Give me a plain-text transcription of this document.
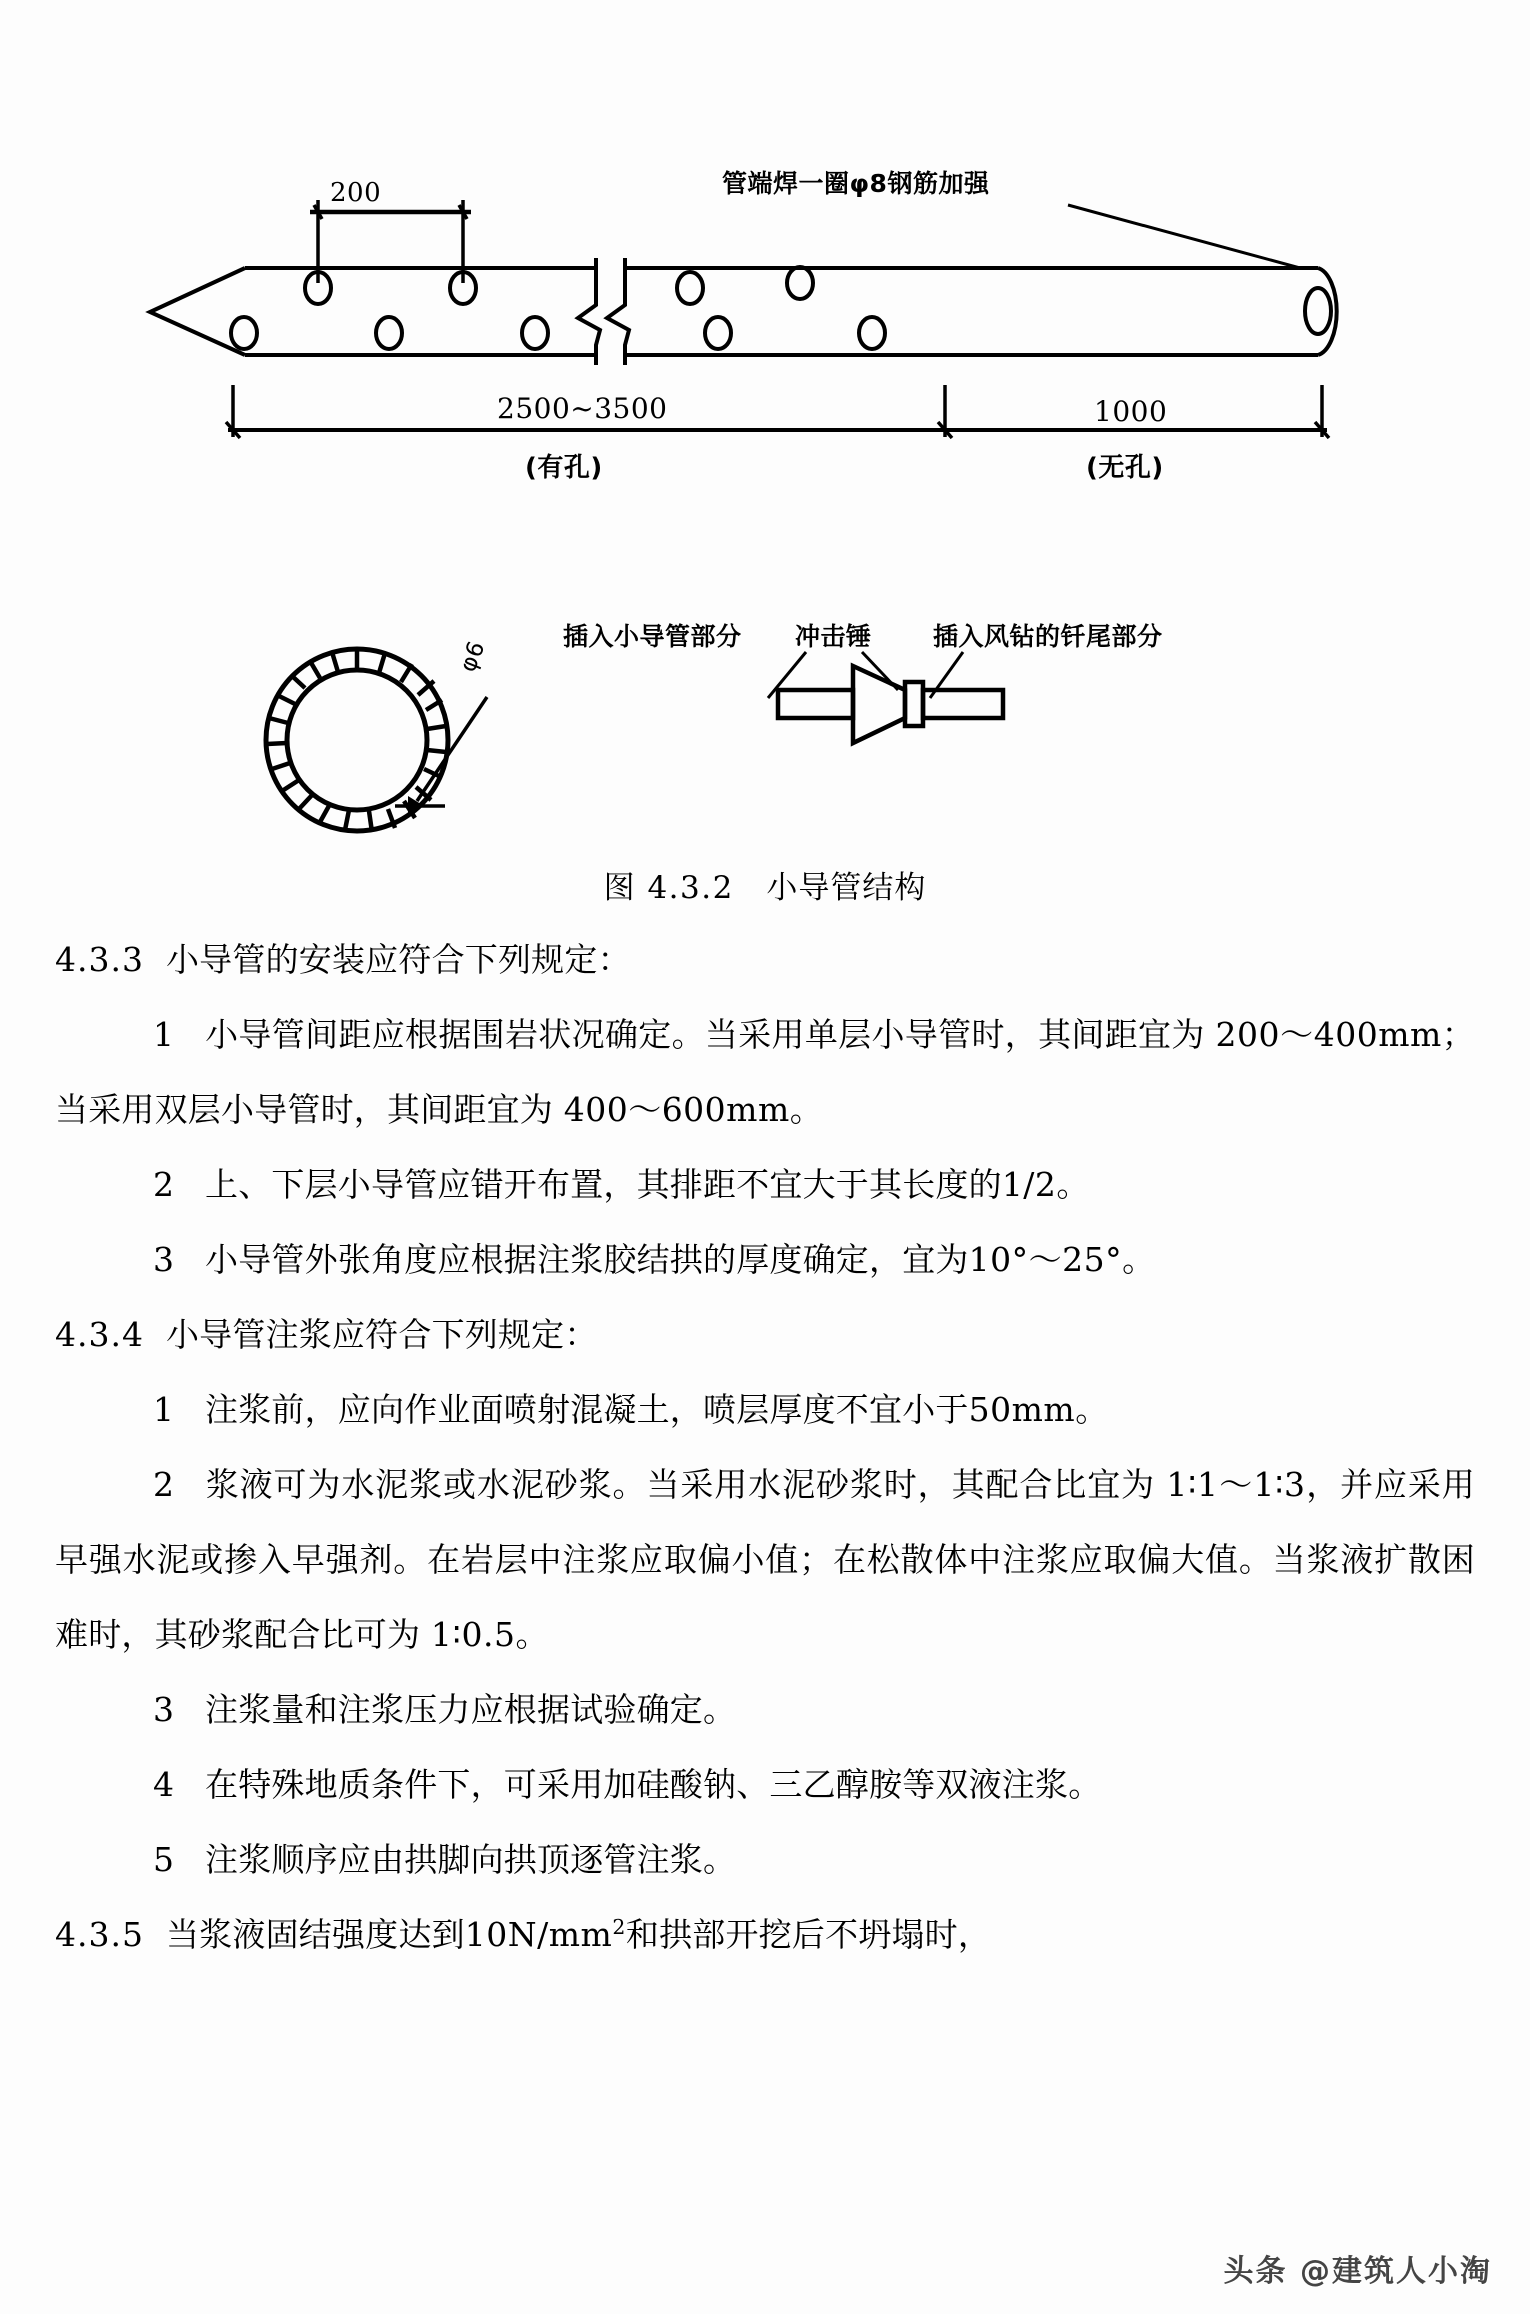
管端焊一圈φ8钢筋加强
200
2500~3500
(有孔)
1000
(无孔)
φ6
插入小导管部分 冲击锤 插入风钻的钎尾部分
图 4.3.2 小导管结构

4.3.3 小导管的安装应符合下列规定：

1 小导管间距应根据围岩状况确定。当采用单层小导管时，其间距宜为 200～400mm；当采用双层小导管时，其间距宜为 400～600mm。

2 上、下层小导管应错开布置，其排距不宜大于其长度的1/2。

3 小导管外张角度应根据注浆胶结拱的厚度确定，宜为10°～25°。

4.3.4 小导管注浆应符合下列规定：

1 注浆前，应向作业面喷射混凝土，喷层厚度不宜小于50mm。

2 浆液可为水泥浆或水泥砂浆。当采用水泥砂浆时，其配合比宜为 1∶1～1∶3，并应采用早强水泥或掺入早强剂。在岩层中注浆应取偏小值；在松散体中注浆应取偏大值。当浆液扩散困难时，其砂浆配合比可为 1∶0.5。

3 注浆量和注浆压力应根据试验确定。

4 在特殊地质条件下，可采用加硅酸钠、三乙醇胺等双液注浆。

5 注浆顺序应由拱脚向拱顶逐管注浆。

4.3.5 当浆液固结强度达到$10N/mm^2$和拱部开挖后不坍塌时，

头条 @建筑人小淘
